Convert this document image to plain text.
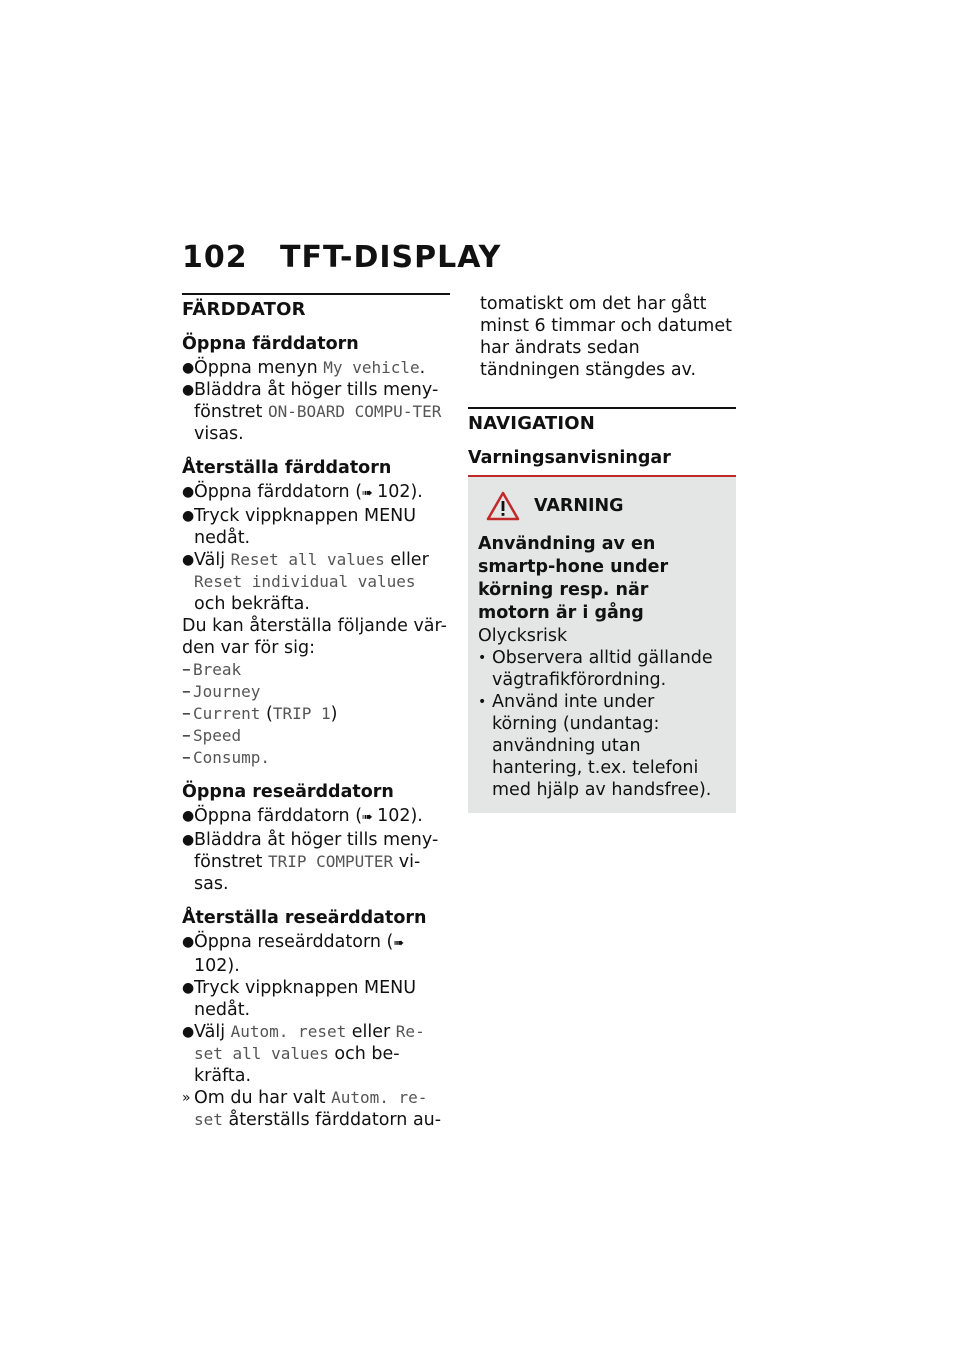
102 TFT-DISPLAY
FÄRDDATOR
Öppna färddatorn
● Öppna menyn My vehicle.
● Bläddra åt höger tills meny-fönstret ON-BOARD COMPU-TER visas.
Återställa färddatorn
● Öppna färddatorn (➠ 102).
● Tryck vippknappen MENU nedåt.
● Välj Reset all values eller Reset individual values och bekräfta.
Du kan återställa följande vär-den var för sig:
– Break
– Journey
– Current (TRIP 1)
– Speed
– Consump.
Öppna reseärddatorn
● Öppna färddatorn (➠ 102).
● Bläddra åt höger tills meny-fönstret TRIP COMPUTER vi-sas.
Återställa reseärddatorn
● Öppna reseärddatorn (➠ 102).
● Tryck vippknappen MENU nedåt.
● Välj Autom. reset eller Re-set all values och be-kräfta.
» Om du har valt Autom. re-set återställs färddatorn au-
tomatiskt om det har gått minst 6 timmar och datumet har ändrats sedan tändningen stängdes av.
NAVIGATION
Varningsanvisningar
VARNING
Användning av en smartp-hone under körning resp. när motorn är i gång
Olycksrisk
• Observera alltid gällande vägtrafikförordning.
• Använd inte under körning (undantag: användning utan hantering, t.ex. telefoni med hjälp av handsfree).
